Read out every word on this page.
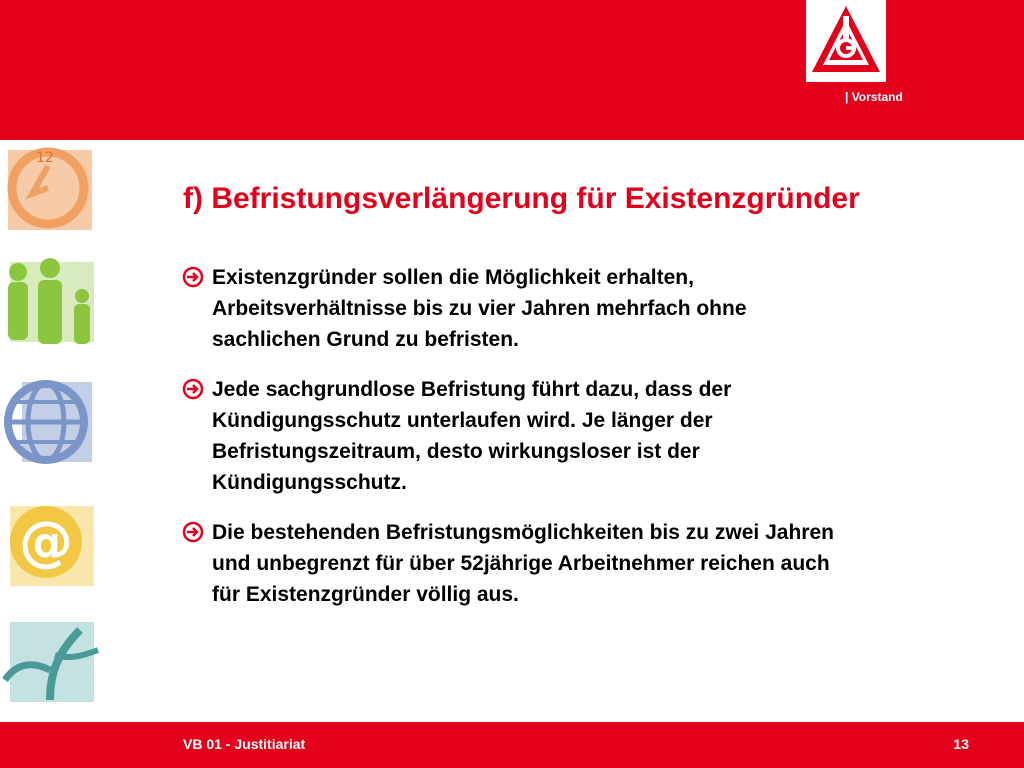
| Vorstand
12
@
f) Befristungsverlängerung für Existenzgründer
Existenzgründer sollen die Möglichkeit erhalten,
Arbeitsverhältnisse bis zu vier Jahren mehrfach ohne
sachlichen Grund zu befristen.
Jede sachgrundlose Befristung führt dazu, dass der
Kündigungsschutz unterlaufen wird. Je länger der
Befristungszeitraum, desto wirkungsloser ist der
Kündigungsschutz.
Die bestehenden Befristungsmöglichkeiten bis zu zwei Jahren
und unbegrenzt für über 52jährige Arbeitnehmer reichen auch
für Existenzgründer völlig aus.
VB 01 - Justitiariat	13
